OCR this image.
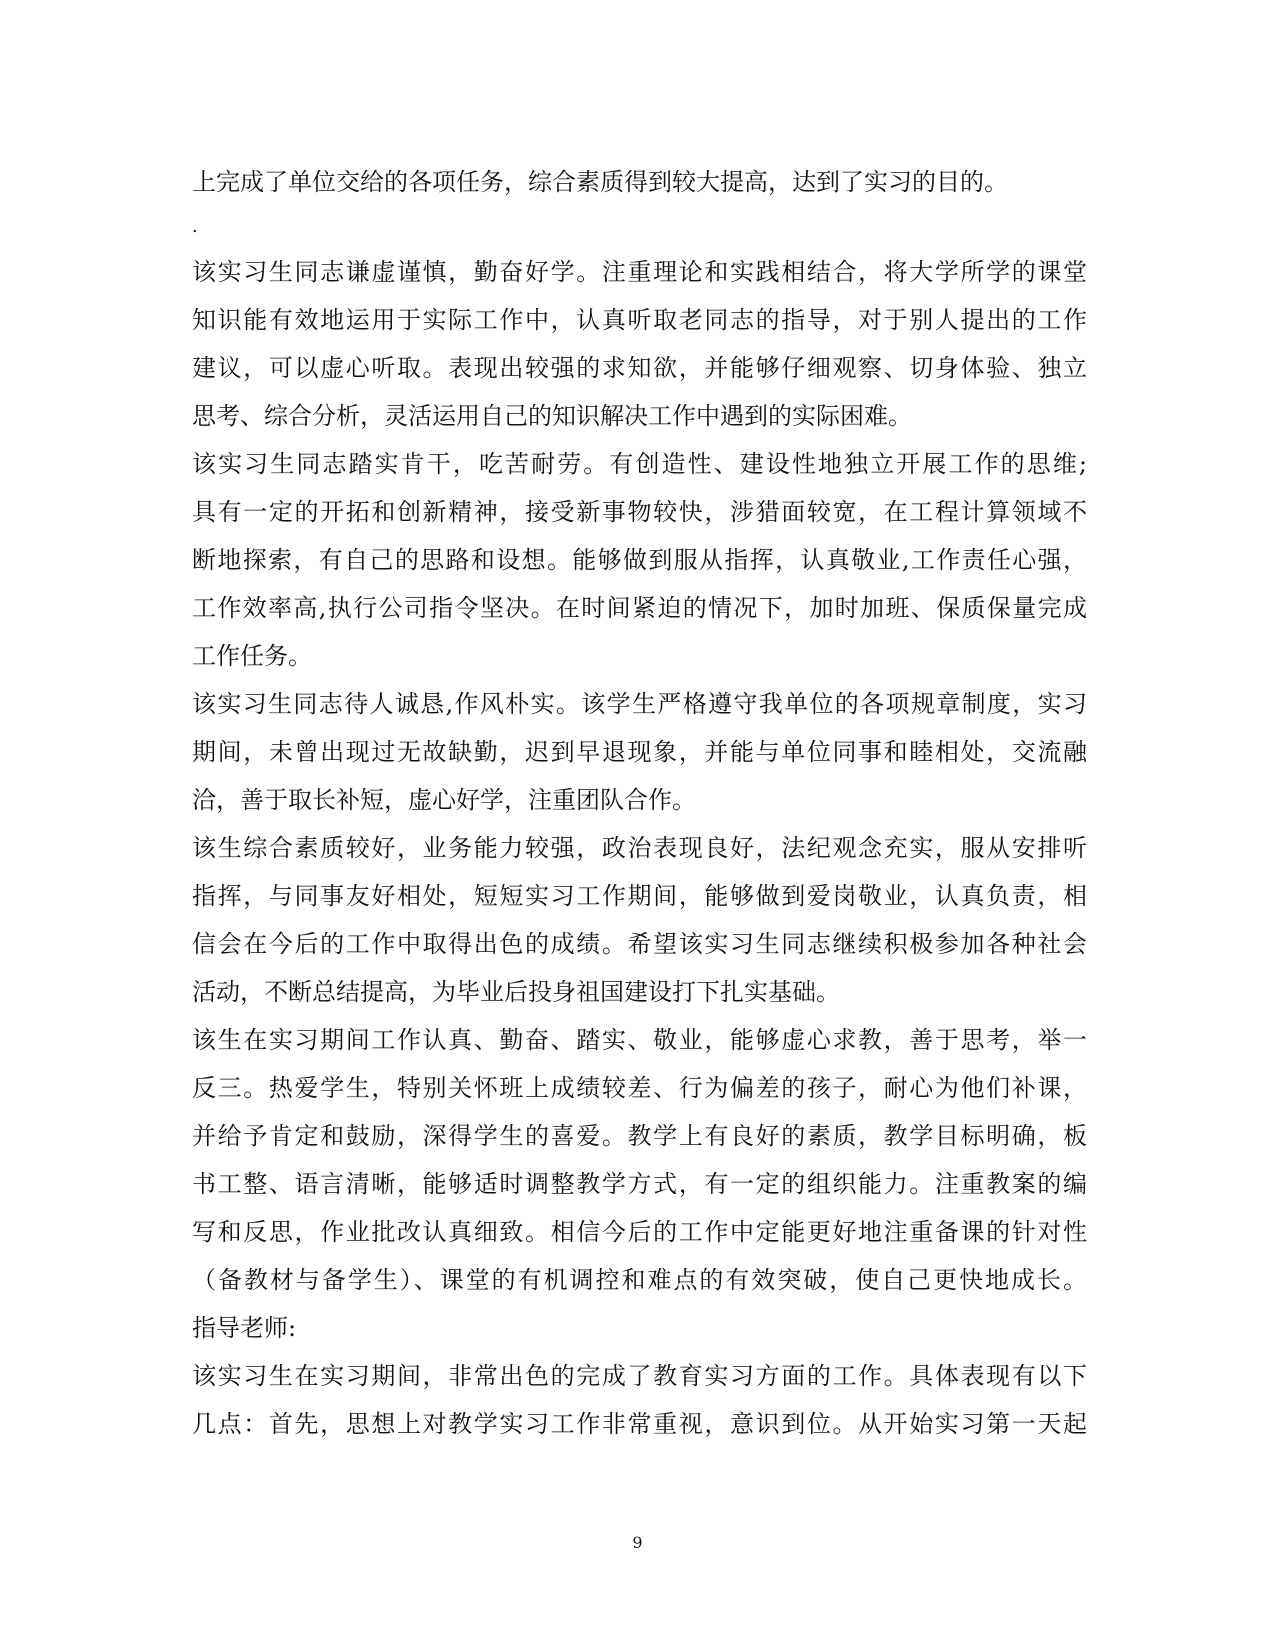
上完成了单位交给的各项任务，综合素质得到较大提高，达到了实习的目的。
.
该实习生同志谦虚谨慎，勤奋好学。注重理论和实践相结合，将大学所学的课堂
知识能有效地运用于实际工作中，认真听取老同志的指导，对于别人提出的工作
建议，可以虚心听取。表现出较强的求知欲，并能够仔细观察、切身体验、独立
思考、综合分析，灵活运用自己的知识解决工作中遇到的实际困难。
该实习生同志踏实肯干，吃苦耐劳。有创造性、建设性地独立开展工作的思维;
具有一定的开拓和创新精神，接受新事物较快，涉猎面较宽，在工程计算领域不
断地探索，有自己的思路和设想。能够做到服从指挥，认真敬业,工作责任心强，
工作效率高,执行公司指令坚决。在时间紧迫的情况下，加时加班、保质保量完成
工作任务。
该实习生同志待人诚恳,作风朴实。该学生严格遵守我单位的各项规章制度，实习
期间，未曾出现过无故缺勤，迟到早退现象，并能与单位同事和睦相处，交流融
洽，善于取长补短，虚心好学，注重团队合作。
该生综合素质较好，业务能力较强，政治表现良好，法纪观念充实，服从安排听
指挥，与同事友好相处，短短实习工作期间，能够做到爱岗敬业，认真负责，相
信会在今后的工作中取得出色的成绩。希望该实习生同志继续积极参加各种社会
活动，不断总结提高，为毕业后投身祖国建设打下扎实基础。
该生在实习期间工作认真、勤奋、踏实、敬业，能够虚心求教，善于思考，举一
反三。热爱学生，特别关怀班上成绩较差、行为偏差的孩子，耐心为他们补课，
并给予肯定和鼓励，深得学生的喜爱。教学上有良好的素质，教学目标明确，板
书工整、语言清晰，能够适时调整教学方式，有一定的组织能力。注重教案的编
写和反思，作业批改认真细致。相信今后的工作中定能更好地注重备课的针对性
（备教材与备学生）、课堂的有机调控和难点的有效突破，使自己更快地成长。
指导老师:
该实习生在实习期间，非常出色的完成了教育实习方面的工作。具体表现有以下
几点：首先，思想上对教学实习工作非常重视，意识到位。从开始实习第一天起
9
